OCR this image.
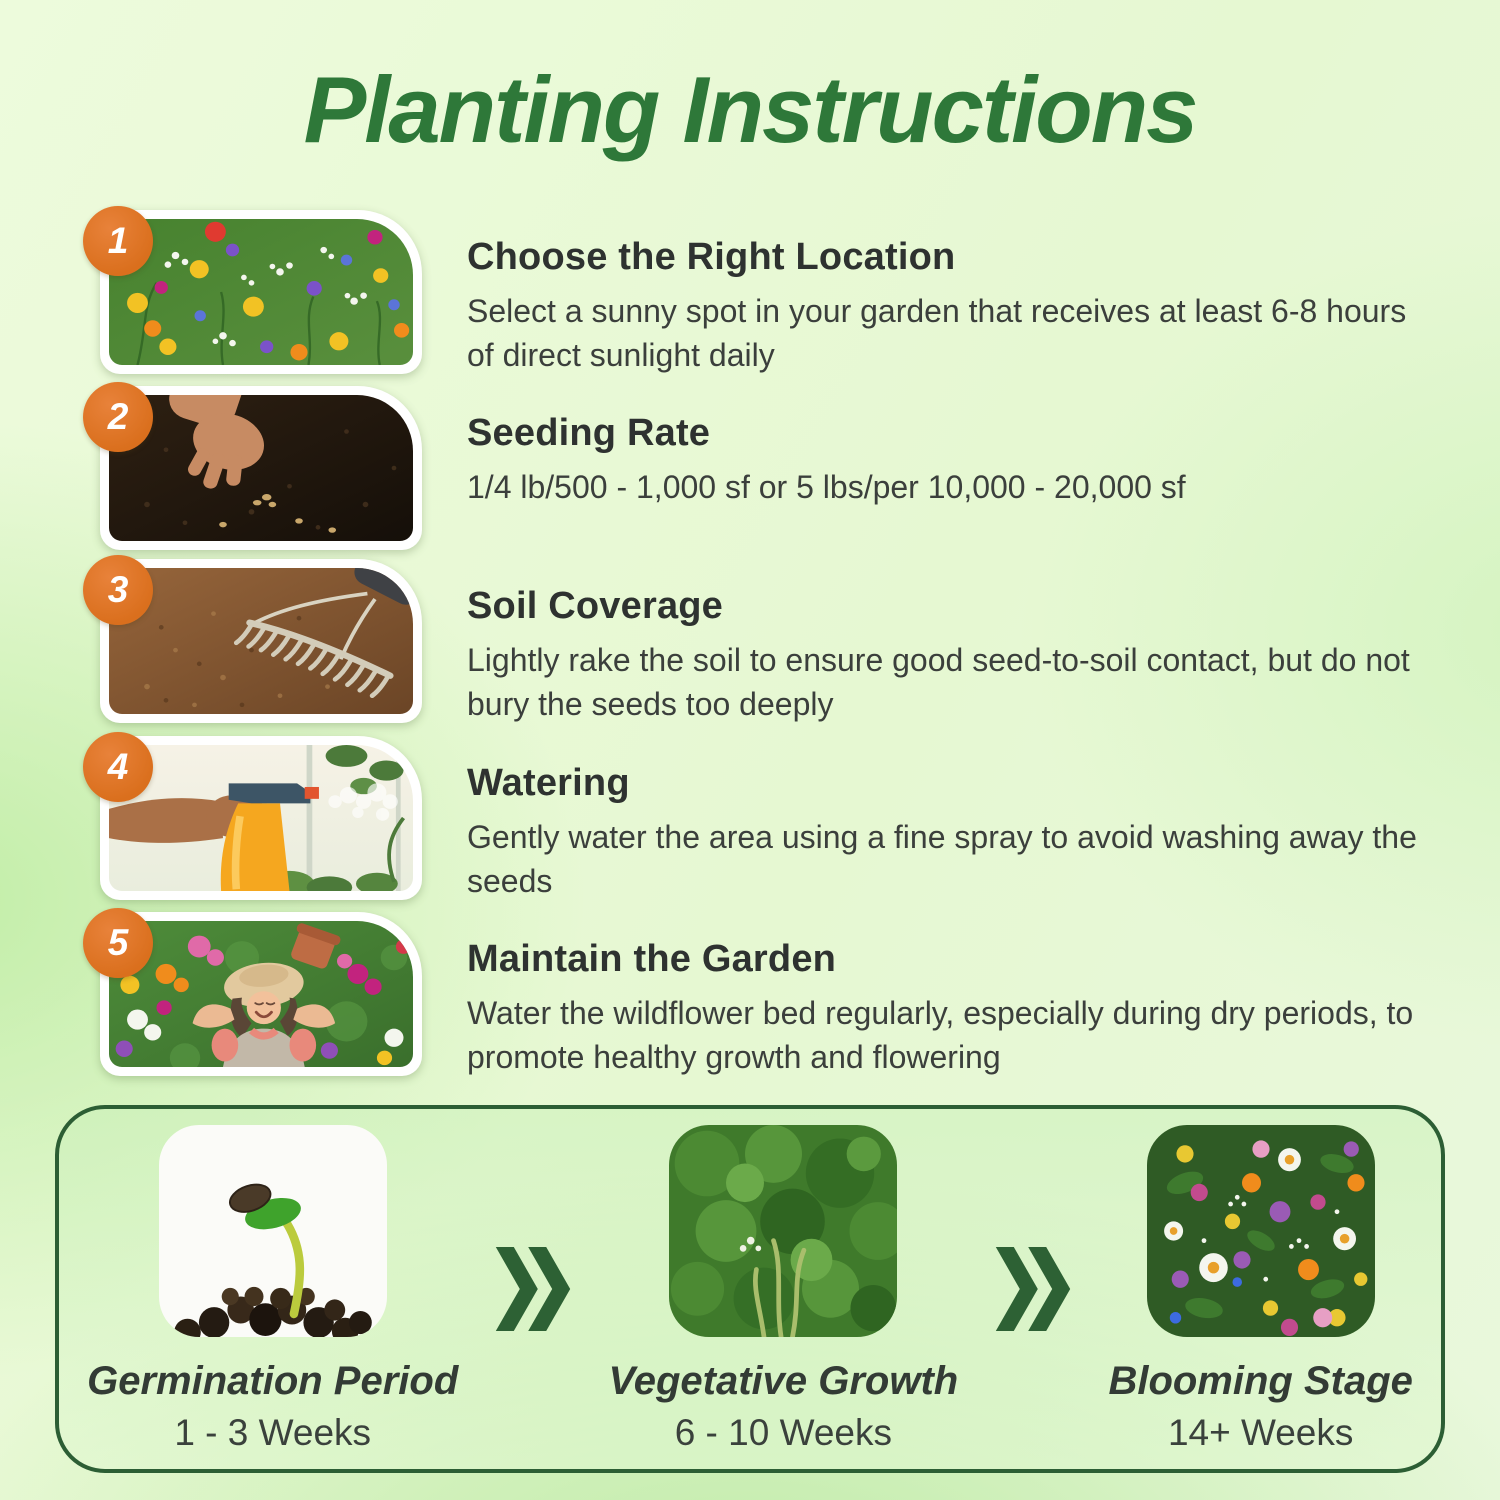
Planting Instructions
1	Choose the Right Location

Select a sunny spot in your garden that receives at least 6-8 hours of direct sunlight daily

2	Seeding Rate

1/4 lb/500 - 1,000 sf or 5 lbs/per 10,000 - 20,000 sf

3	Soil Coverage

Lightly rake the soil to ensure good seed-to-soil contact, but do not bury the seeds too deeply

4	Watering

Gently water the area using a fine spray to avoid washing away the seeds

5	Maintain the Garden

Water the wildflower bed regularly, especially during dry periods, to promote healthy growth and flowering

Germination Period
1 - 3 Weeks
Vegetative Growth
6 - 10 Weeks
Blooming Stage
14+ Weeks
